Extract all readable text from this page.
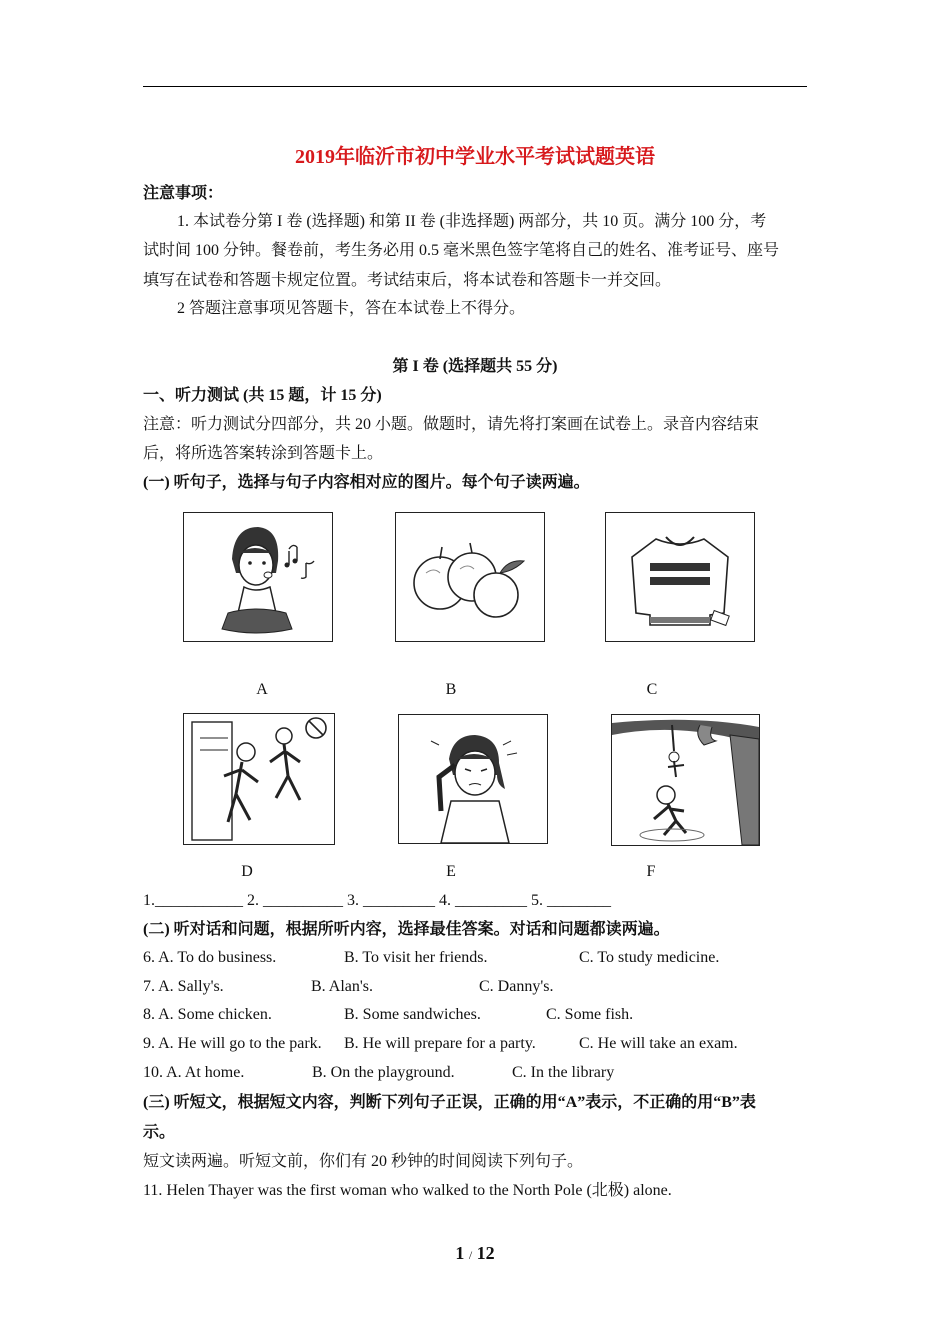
2019年临沂市初中学业水平考试试题英语
注意事项：
1. 本试卷分第 I 卷 (选择题) 和第 II 卷 (非选择题) 两部分，共 10 页。满分 100 分，考
试时间 100 分钟。餐卷前，考生务必用 0.5 毫米黑色签字笔将自己的姓名、准考证号、座号
填写在试卷和答题卡规定位置。考试结束后，将本试卷和答题卡一并交回。
2 答题注意事项见答题卡，答在本试卷上不得分。
第 I 卷 (选择题共 55 分)
一、听力测试 (共 15 题，计 15 分)
注意：听力测试分四部分，共 20 小题。做题时，请先将打案画在试卷上。录音内容结束
后，将所选答案转涂到答题卡上。
(一) 听句子，选择与句子内容相对应的图片。每个句子读两遍。
A	B	C
D	E	F
1.___________ 2. __________ 3. _________ 4. _________ 5. ________
(二) 听对话和问题，根据所听内容，选择最佳答案。对话和问题都读两遍。
6. A. To do business.	B. To visit her friends.	C. To study medicine.
7. A. Sally's.	B. Alan's.	C. Danny's.
8. A. Some chicken.	B. Some sandwiches.	C. Some fish.
9. A. He will go to the park. B. He will prepare for a party.	C. He will take an exam.
10. A. At home.	B. On the playground.	C. In the library
(三) 听短文，根据短文内容，判断下列句子正误，正确的用“A”表示，不正确的用“B”表
示。
短文读两遍。听短文前，你们有 20 秒钟的时间阅读下列句子。
11. Helen Thayer was the first woman who walked to the North Pole (北极) alone.
1 / 12
